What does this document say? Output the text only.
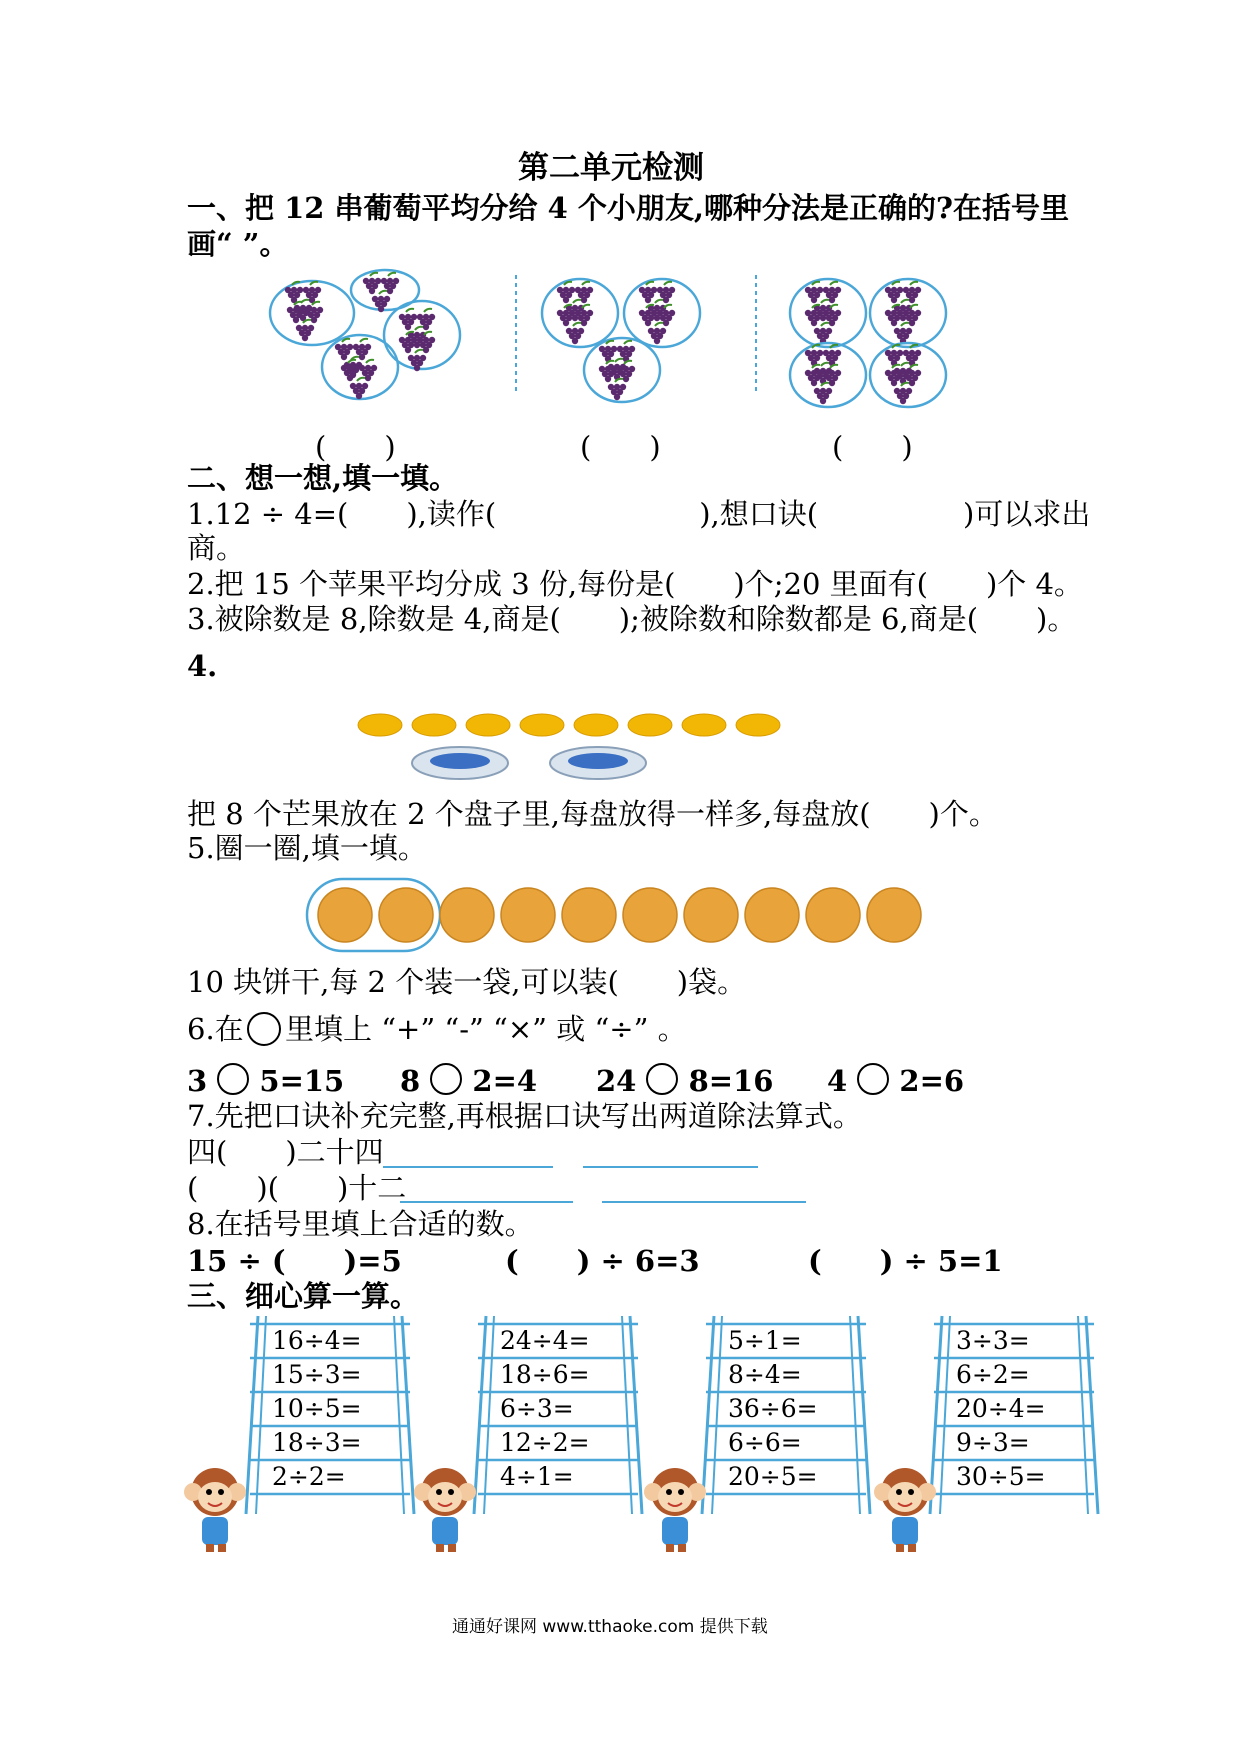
第二单元检测
一、把 12 串葡萄平均分给 4 个小朋友,哪种分法是正确的?在括号里
画“ ”。
(　　)	(　　)	(　　)
二、想一想,填一填。
1.12 ÷ 4=(　　),读作(　　　　　　　),想口诀(　　　　　)可以求出
商。
2.把 15 个苹果平均分成 3 份,每份是(　　)个;20 里面有(　　)个 4。
3.被除数是 8,除数是 4,商是(　　);被除数和除数都是 6,商是(　　)。
4.
把 8 个芒果放在 2 个盘子里,每盘放得一样多,每盘放(　　)个。
5.圈一圈,填一填。
10 块饼干,每 2 个装一袋,可以装(　　)袋。
6.在 里填上 “+” “-” “×” 或 “÷” 。
3 5=15 8 2=4 24 8=16 4 2=6
7.先把口诀补充完整,再根据口诀写出两道除法算式。
四(　　)二十四
(　　)(　　)十二
8.在括号里填上合适的数。
15 ÷ (　　)=5	(　　) ÷ 6=3	(　　) ÷ 5=1
三、细心算一算。
16÷4=
15÷3=
10÷5=
18÷3=
2÷2=
24÷4=
18÷6=
6÷3=
12÷2=
4÷1=
5÷1=
8÷4=
36÷6=
6÷6=
20÷5=
3÷3=
6÷2=
20÷4=
9÷3=
30÷5=
通通好课网 www.tthaoke.com 提供下载
